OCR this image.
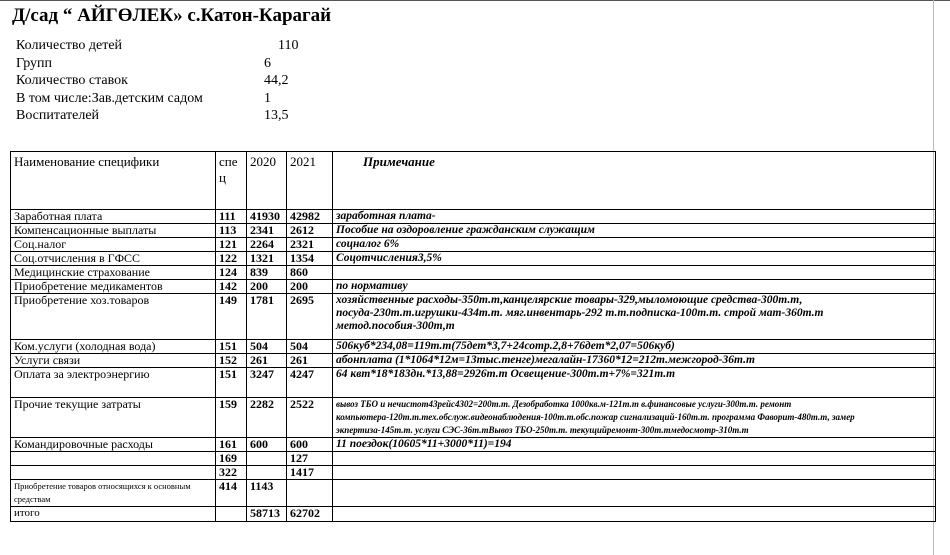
Д/сад “ АЙГӨЛЕК» с.Катон-Карагай
Количество детей	110
Групп	6
Количество ставок	44,2
В том числе:Зав.детским садом	1
Воспитателей	13,5
Наименование специфики	спец	2020	2021	Примечание
Заработная плата	111	41930	42982	заработная плата-
Компенсационные выплаты	113	2341	2612	Пособие на оздоровление гражданским служащим
Соц.налог	121	2264	2321	соцналог 6%
Соц.отчисления в ГФСС	122	1321	1354	Соцотчисления3,5%
Медицинские страхование	124	839	860	
Приобретение медикаментов	142	200	200	по нормативу
Приобретение хоз.товаров	149	1781	2695	хозяйственные расходы-350т.т,канцелярские товары-329,мыломоющие средства-300т.т, посуда-230т.т.игрушки-434т.т. мяг.инвентарь-292 т.т.подписка-100т.т. строй мат-360т.т метод.пособия-300т,т
Ком.услуги (холодная вода)	151	504	504	506куб*234,08=119т.т(75дет*3,7+24сотр.2,8+76дет*2,07=506куб)
Услуги связи	152	261	261	абонплата (1*1064*12м=13тыс.тенге)мегалайн-17360*12=212т.межгород-36т.т
Оплата за электроэнергию	151	3247	4247	64 квт*18*183дн.*13,88=2926т.т Освещение-300т.т+7%=321т.т
Прочие текущие затраты	159	2282	2522	вывоз ТБО и нечистот43рейс4302=200т.т. Дезобработка 1000кв.м-121т.т в.финансовые услуги-300т.т. ремонт компьютера-120т.т.тех.обслуж.видеонаблюдения-100т.т.обс.пожар сигнализаций-160т.т. программа Фаворит-480т.т, замер экпертиза-145т.т. услуги СЭС-36т.тВывоз ТБО-250т.т. текущийремонт-300т.тмедосмотр-310т.т
Командировочные расходы	161	600	600	11 поездок(10605*11+3000*11)=194
	169		127	
	322		1417	
Приобретение товаров относящихся к основным средствам	414	1143		
итого		58713	62702	
